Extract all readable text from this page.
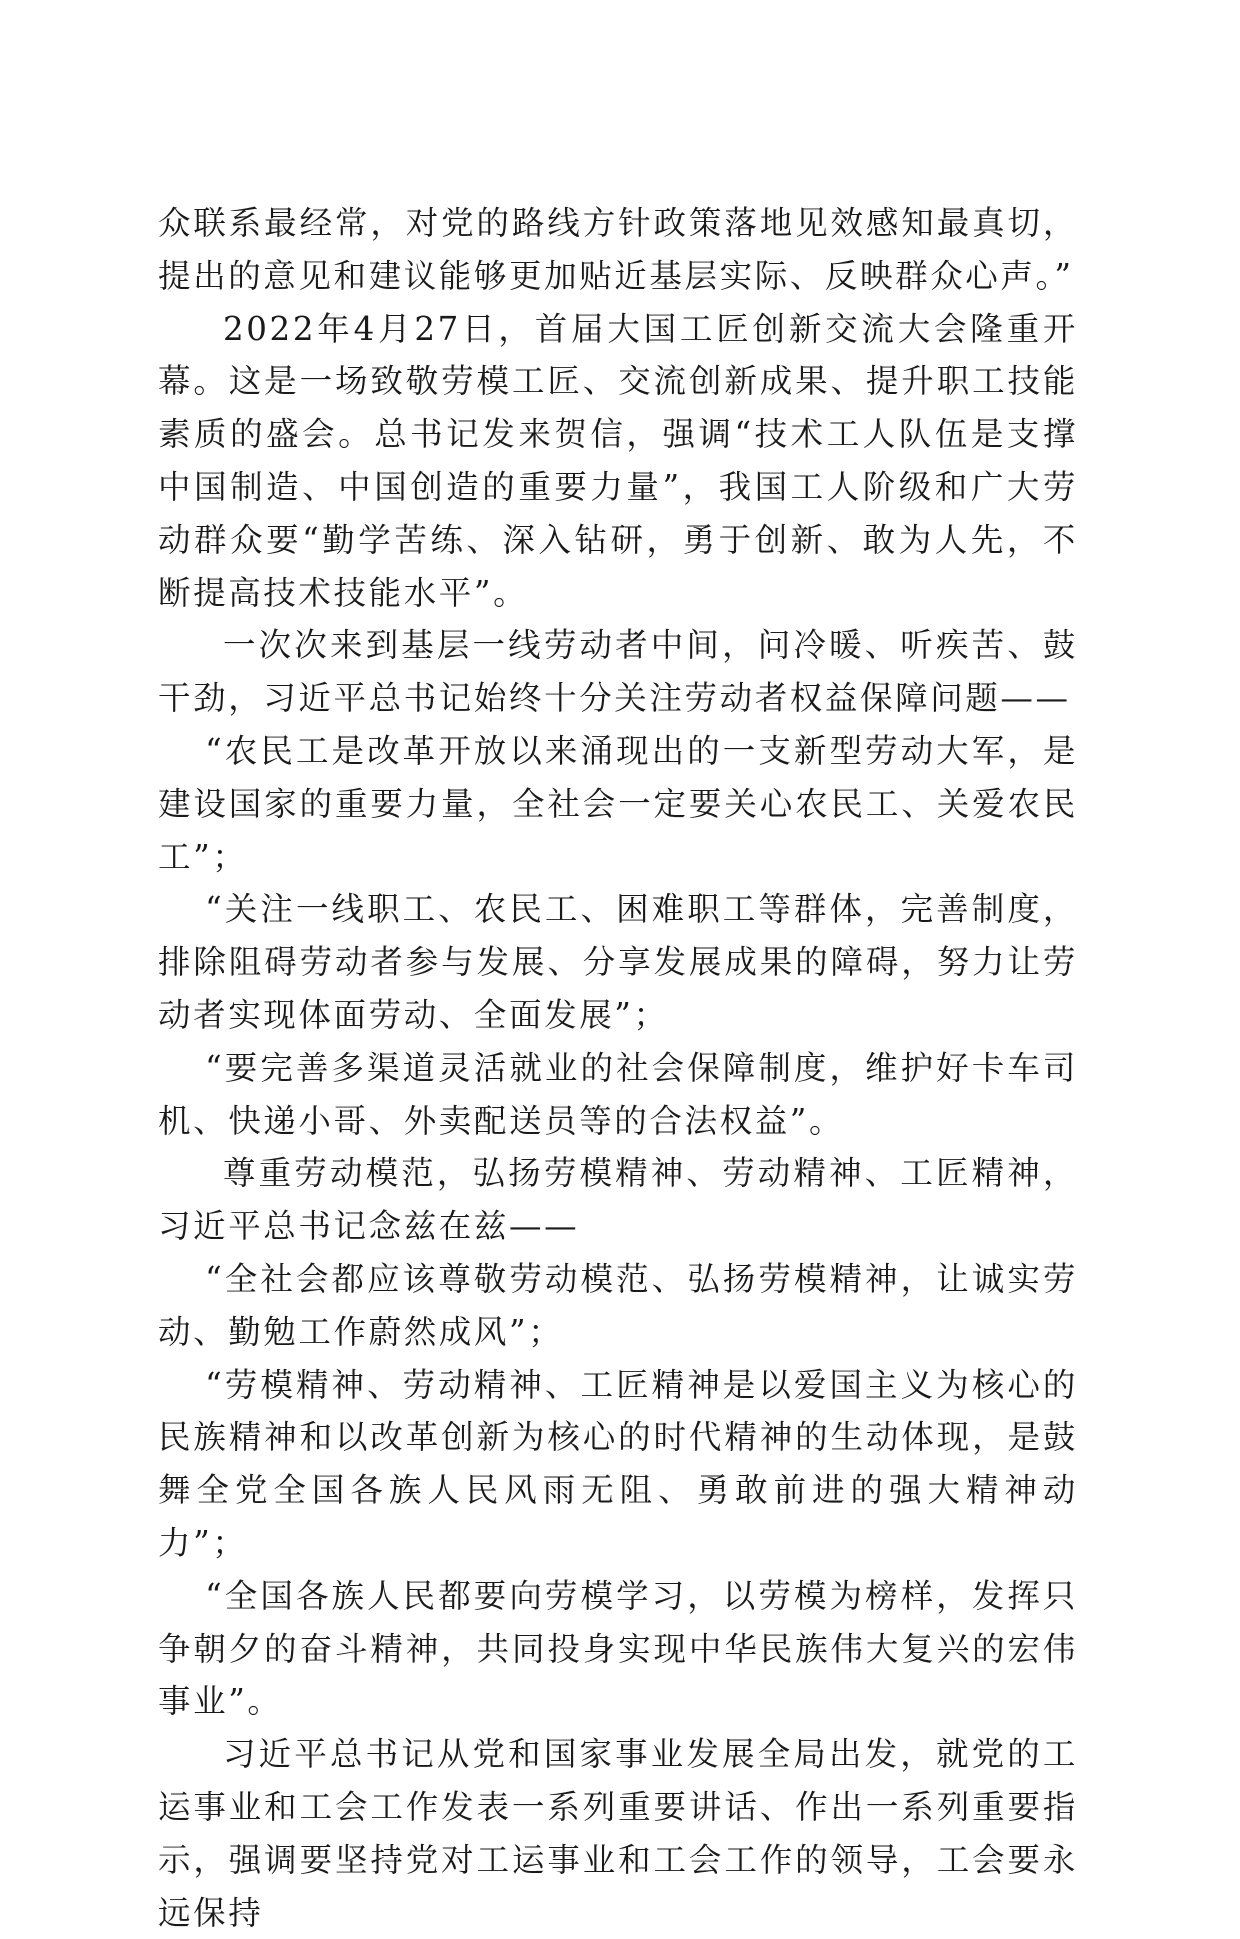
众联系最经常，对党的路线方针政策落地见效感知最真切，提出的意见和建议能够更加贴近基层实际、反映群众心声。”

2022年4月27日，首届大国工匠创新交流大会隆重开幕。这是一场致敬劳模工匠、交流创新成果、提升职工技能素质的盛会。总书记发来贺信，强调“技术工人队伍是支撑中国制造、中国创造的重要力量”，我国工人阶级和广大劳动群众要“勤学苦练、深入钻研，勇于创新、敢为人先，不断提高技术技能水平”。

一次次来到基层一线劳动者中间，问冷暖、听疾苦、鼓干劲，习近平总书记始终十分关注劳动者权益保障问题——

“农民工是改革开放以来涌现出的一支新型劳动大军，是建设国家的重要力量，全社会一定要关心农民工、关爱农民工”；

“关注一线职工、农民工、困难职工等群体，完善制度，排除阻碍劳动者参与发展、分享发展成果的障碍，努力让劳动者实现体面劳动、全面发展”；

“要完善多渠道灵活就业的社会保障制度，维护好卡车司机、快递小哥、外卖配送员等的合法权益”。

尊重劳动模范，弘扬劳模精神、劳动精神、工匠精神，习近平总书记念兹在兹——

“全社会都应该尊敬劳动模范、弘扬劳模精神，让诚实劳动、勤勉工作蔚然成风”；

“劳模精神、劳动精神、工匠精神是以爱国主义为核心的民族精神和以改革创新为核心的时代精神的生动体现，是鼓舞全党全国各族人民风雨无阻、勇敢前进的强大精神动力”；

“全国各族人民都要向劳模学习，以劳模为榜样，发挥只争朝夕的奋斗精神，共同投身实现中华民族伟大复兴的宏伟事业”。

习近平总书记从党和国家事业发展全局出发，就党的工运事业和工会工作发表一系列重要讲话、作出一系列重要指示，强调要坚持党对工运事业和工会工作的领导，工会要永远保持
